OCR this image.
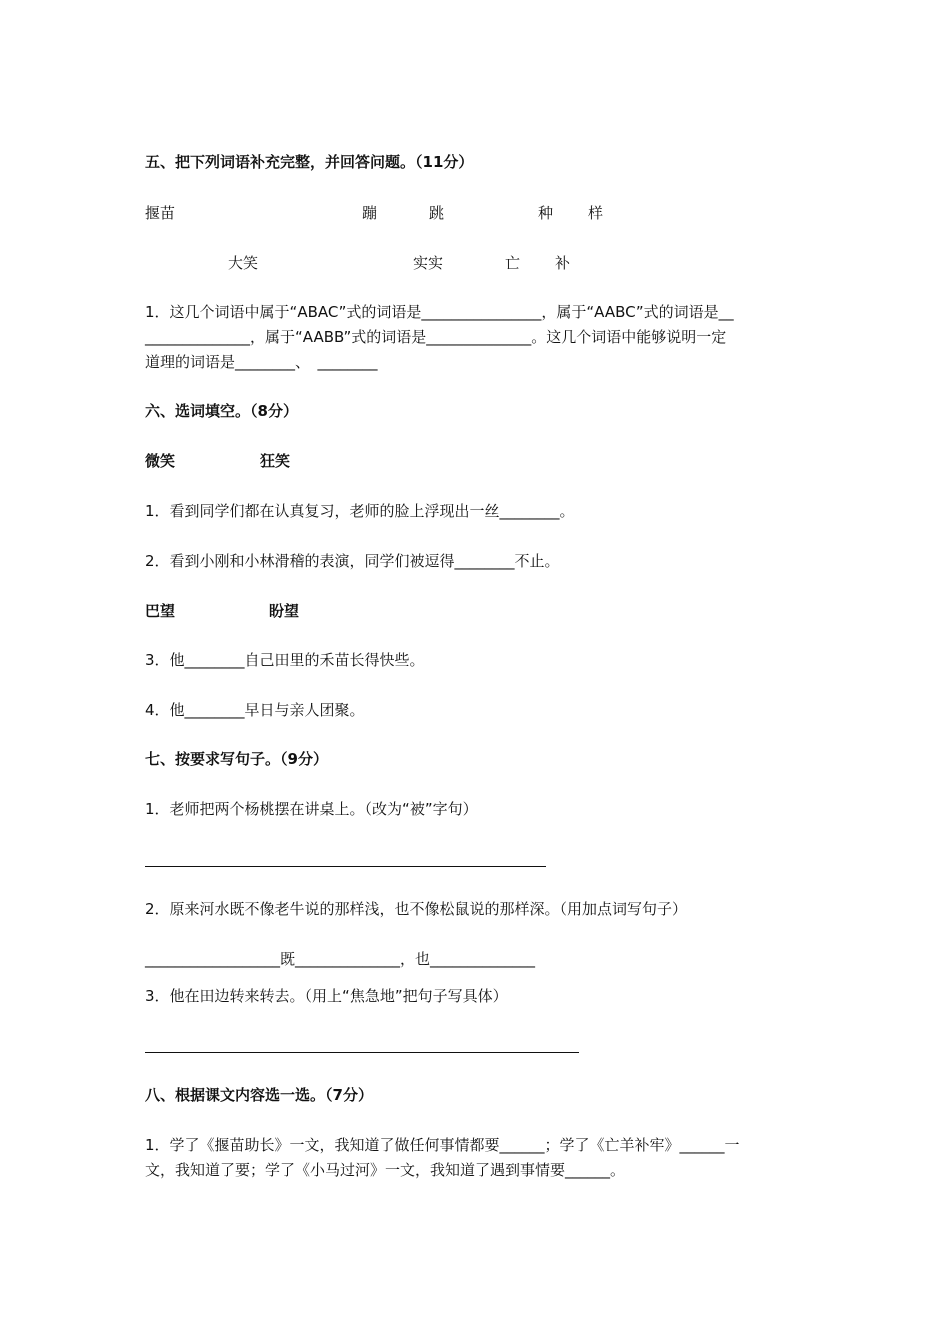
五、把下列词语补充完整，并回答问题。（11分）
揠苗	蹦	跳	种 样
大笑	实实	亡 补
1．这几个词语中属于“ABAC”式的词语是________________，属于“AABC”式的词语是__
______________，属于“AABB”式的词语是______________。这几个词语中能够说明一定
道理的词语是________、　________
六、选词填空。（8分）
微笑	狂笑
1．看到同学们都在认真复习，老师的脸上浮现出一丝________。
2．看到小刚和小林滑稽的表演，同学们被逗得________不止。
巴望	盼望
3．他________自己田里的禾苗长得快些。
4．他________早日与亲人团聚。
七、按要求写句子。（9分）
1．老师把两个杨桃摆在讲桌上。（改为“被”字句）
2．原来河水既不像老牛说的那样浅，也不像松鼠说的那样深。（用加点词写句子）
__________________既______________，也______________
3．他在田边转来转去。（用上“焦急地”把句子写具体）
八、根据课文内容选一选。（7分）
1．学了《揠苗助长》一文，我知道了做任何事情都要______；学了《亡羊补牢》______一
文，我知道了要；学了《小马过河》一文，我知道了遇到事情要______。
